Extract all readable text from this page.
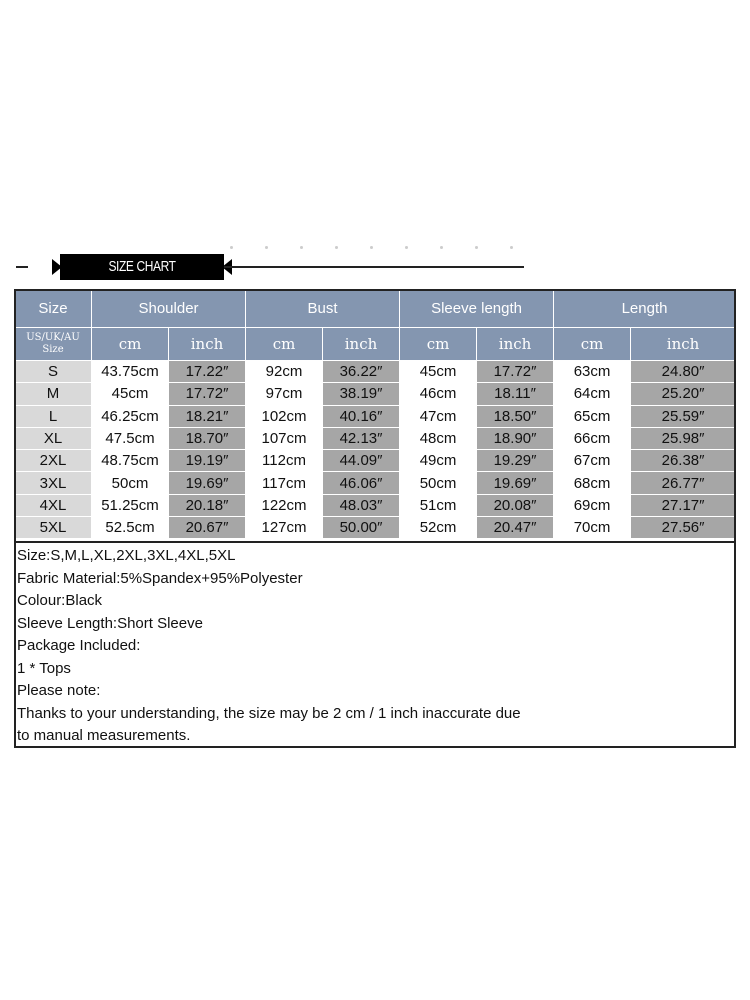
SIZE CHART
Size	Shoulder		Bust		Sleeve length		Length	

US/UK/AU
Size	cm	inch	cm	inch	cm	inch	cm	inch
S	43.75cm	17.22″	92cm	36.22″	45cm	17.72″	63cm	24.80″
M	45cm	17.72″	97cm	38.19″	46cm	18.11″	64cm	25.20″
L	46.25cm	18.21″	102cm	40.16″	47cm	18.50″	65cm	25.59″
XL	47.5cm	18.70″	107cm	42.13″	48cm	18.90″	66cm	25.98″
2XL	48.75cm	19.19″	112cm	44.09″	49cm	19.29″	67cm	26.38″
3XL	50cm	19.69″	117cm	46.06″	50cm	19.69″	68cm	26.77″
4XL	51.25cm	20.18″	122cm	48.03″	51cm	20.08″	69cm	27.17″
5XL	52.5cm	20.67″	127cm	50.00″	52cm	20.47″	70cm	27.56″
Size:S,M,L,XL,2XL,3XL,4XL,5XL
Fabric Material:5%Spandex+95%Polyester
Colour:Black
Sleeve Length:Short Sleeve
Package Included:
1 * Tops
Please note:
Thanks to your understanding, the size may be 2 cm / 1 inch inaccurate due
to manual measurements.
